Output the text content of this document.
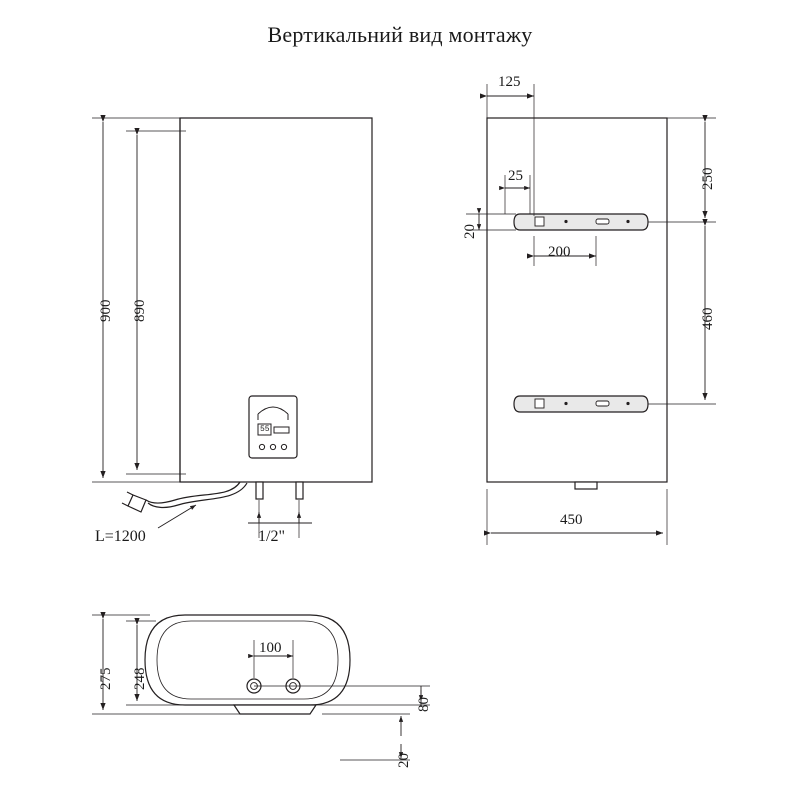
Вертикальний вид монтажу
900 890
L=1200	1/2"
55
125
25
20
200
250
460
450
275 248
100
80
20
